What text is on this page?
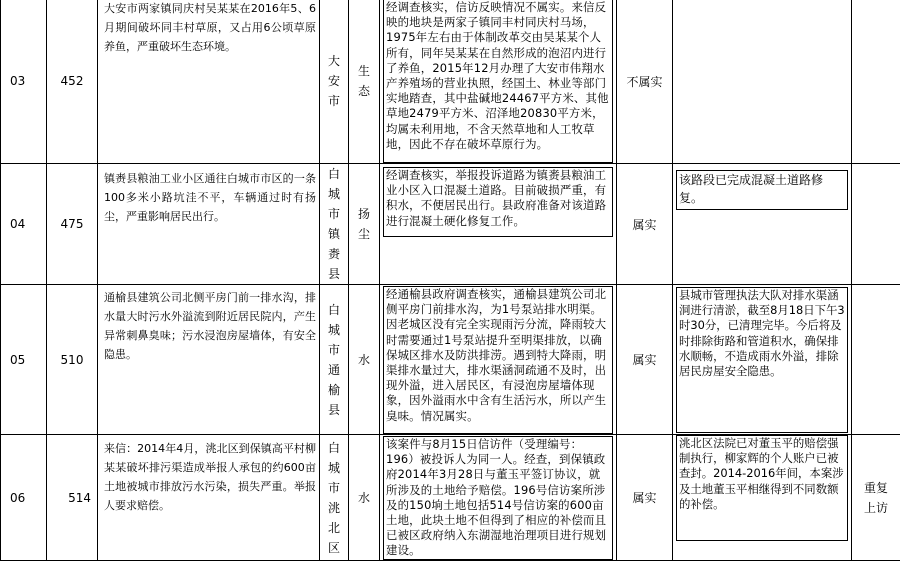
03	452	大安市两家镇同庆村吴某某在2016年5、6月期间破坏同丰村草原，又占用6公顷草原养鱼，严重破坏生态环境。	大安市	生态	经调查核实，信访反映情况不属实。来信反映的地块是两家子镇同丰村同庆村马场，1975年左右由于体制改革交由吴某某个人所有，同年吴某某在自然形成的泡沼内进行了养鱼，2015年12月办理了大安市伟翔水产养殖场的营业执照，经国土、林业等部门实地踏查，其中盐碱地24467平方米、其他草地2479平方米、沼泽地20830平方米，均属未利用地，不含天然草地和人工牧草地，因此不存在破坏草原行为。	不属实		
04	475	镇赉县粮油工业小区通往白城市市区的一条100多米小路坑洼不平，车辆通过时有扬尘，严重影响居民出行。	白城市镇赉县	扬尘	经调查核实，举报投诉道路为镇赉县粮油工业小区入口混凝土道路。目前破损严重，有积水，不便居民出行。县政府准备对该道路进行混凝土硬化修复工作。	属实	该路段已完成混凝土道路修复。	

05	510	通榆县建筑公司北侧平房门前一排水沟，排水量大时污水外溢流到附近居民院内，产生异常刺鼻臭味；污水浸泡房屋墙体，有安全隐患。	白城市通榆县	水	经通榆县政府调查核实，通榆县建筑公司北侧平房门前排水沟，为1号泵站排水明渠。因老城区没有完全实现雨污分流，降雨较大时需要通过1号泵站提升至明渠排放，以确保城区排水及防洪排涝。遇到特大降雨，明渠排水量过大，排水渠涵洞疏通不及时，出现外溢，进入居民区，有浸泡房屋墙体现象，因外溢雨水中含有生活污水，所以产生臭味。情况属实。	属实	县城市管理执法大队对排水渠涵洞进行清淤，截至8月18日下午3时30分，已清理完毕。今后将及时排除街路和管道积水，确保排水顺畅，不造成雨水外溢，排除居民房屋安全隐患。	

06	514	来信：2014年4月，洮北区到保镇高平村柳某某破坏排污渠造成举报人承包的约600亩土地被城市排放污水污染，损失严重。举报人要求赔偿。	白城市洮北区	水	该案件与8月15日信访件（受理编号：196）被投诉人为同一人。经查，到保镇政府2014年3月28日与董玉平签订协议，就所涉及的土地给予赔偿。196号信访案所涉及的150垧土地包括514号信访案的600亩土地，此块土地不但得到了相应的补偿而且已被区政府纳入东湖湿地治理项目进行规划建设。	属实	洮北区法院已对董玉平的赔偿强制执行，柳家辉的个人账户已被查封。2014-2016年间，本案涉及土地董玉平相继得到不同数额的补偿。	重复上访
